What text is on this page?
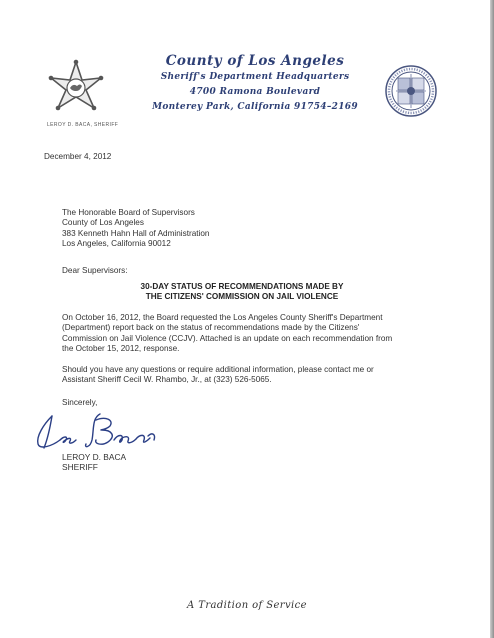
LEROY D. BACA, SHERIFF
County of Los Angeles
Sheriff's Department Headquarters
4700 Ramona Boulevard
Monterey Park, California 91754–2169
December 4, 2012
The Honorable Board of Supervisors
County of Los Angeles
383 Kenneth Hahn Hall of Administration
Los Angeles, California 90012
Dear Supervisors:
30-DAY STATUS OF RECOMMENDATIONS MADE BY
THE CITIZENS' COMMISSION ON JAIL VIOLENCE
On October 16, 2012, the Board requested the Los Angeles County Sheriff's Department
(Department) report back on the status of recommendations made by the Citizens'
Commission on Jail Violence (CCJV). Attached is an update on each recommendation from
the October 15, 2012, response.
Should you have any questions or require additional information, please contact me or
Assistant Sheriff Cecil W. Rhambo, Jr., at (323) 526-5065.
Sincerely,
LEROY D. BACA
SHERIFF
A Tradition of Service
